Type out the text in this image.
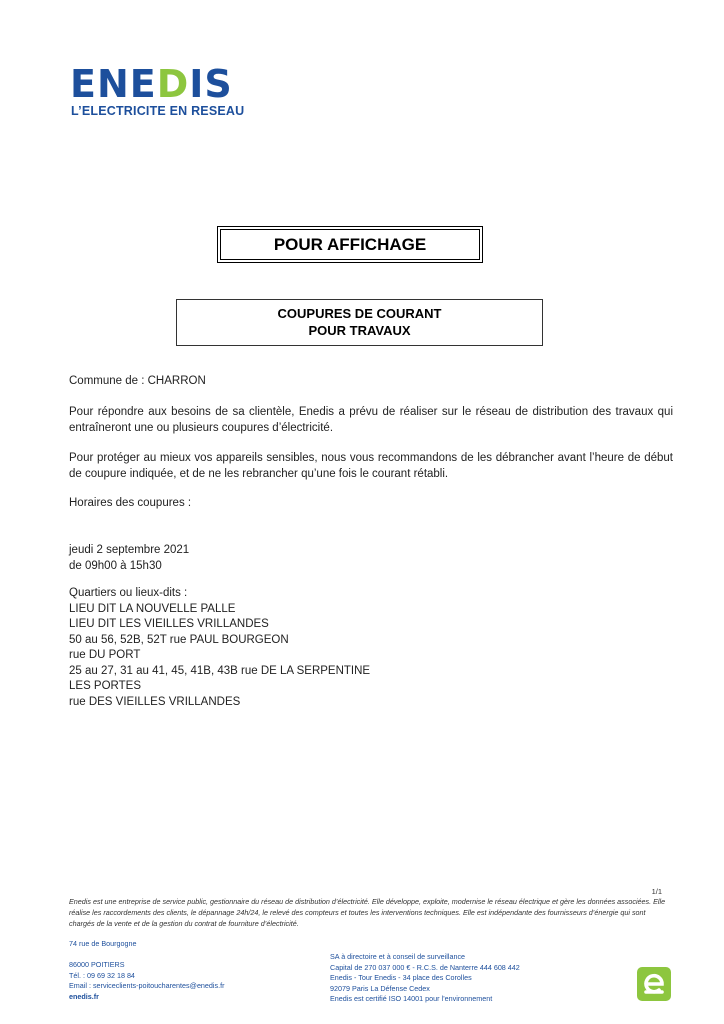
ENEDIS
L’ELECTRICITE EN RESEAU
POUR AFFICHAGE
COUPURES DE COURANT
POUR TRAVAUX
Commune de : CHARRON
Pour répondre aux besoins de sa clientèle, Enedis a prévu de réaliser sur le réseau de distribution des travaux qui entraîneront une ou plusieurs coupures d’électricité.
Pour protéger au mieux vos appareils sensibles, nous vous recommandons de les débrancher avant l’heure de début de coupure indiquée, et de ne les rebrancher qu’une fois le courant rétabli.
Horaires des coupures :
jeudi 2 septembre 2021
de 09h00 à 15h30
Quartiers ou lieux-dits :
LIEU DIT LA NOUVELLE PALLE
LIEU DIT LES VIEILLES VRILLANDES
50 au 56, 52B, 52T rue PAUL BOURGEON
rue DU PORT
25 au 27, 31 au 41, 45, 41B, 43B rue DE LA SERPENTINE
LES PORTES
rue DES VIEILLES VRILLANDES
1/1
Enedis est une entreprise de service public, gestionnaire du réseau de distribution d’électricité. Elle développe, exploite, modernise le réseau électrique et gère les données associées. Elle réalise les raccordements des clients, le dépannage 24h/24, le relevé des compteurs et toutes les interventions techniques. Elle est indépendante des fournisseurs d’énergie qui sont chargés de la vente et de la gestion du contrat de fourniture d’électricité.
74 rue de Bourgogne
86000 POITIERS
Tél. : 09 69 32 18 84
Email : serviceclients-poitoucharentes@enedis.fr
enedis.fr
SA à directoire et à conseil de surveillance
Capital de 270 037 000 € - R.C.S. de Nanterre 444 608 442
Enedis - Tour Enedis - 34 place des Corolles
92079 Paris La Défense Cedex
Enedis est certifié ISO 14001 pour l’environnement
